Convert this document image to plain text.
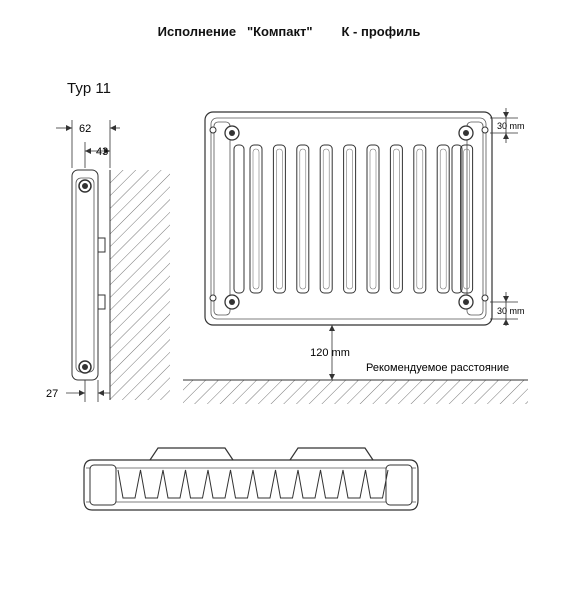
Исполнение   "Компакт" К - профиль
Typ 11
62
43
27
30 mm
30 mm
120 mm
Рекомендуемое расстояние
